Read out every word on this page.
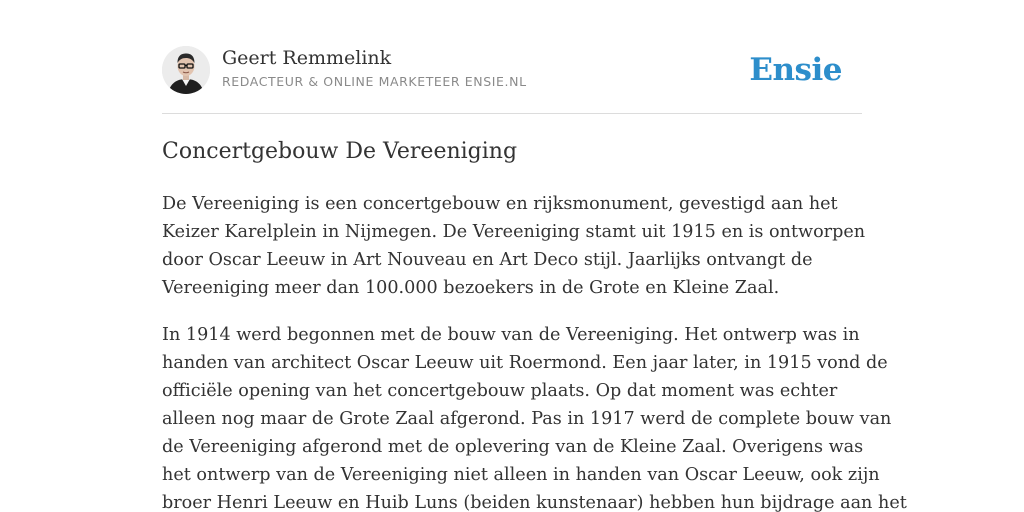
Geert Remmelink
REDACTEUR & ONLINE MARKETEER ENSIE.NL	Ensie
Concertgebouw De Vereeniging

De Vereeniging is een concertgebouw en rijksmonument, gevestigd aan het
Keizer Karelplein in Nijmegen. De Vereeniging stamt uit 1915 en is ontworpen
door Oscar Leeuw in Art Nouveau en Art Deco stijl. Jaarlijks ontvangt de
Vereeniging meer dan 100.000 bezoekers in de Grote en Kleine Zaal.

In 1914 werd begonnen met de bouw van de Vereeniging. Het ontwerp was in
handen van architect Oscar Leeuw uit Roermond. Een jaar later, in 1915 vond de
officiële opening van het concertgebouw plaats. Op dat moment was echter
alleen nog maar de Grote Zaal afgerond. Pas in 1917 werd de complete bouw van
de Vereeniging afgerond met de oplevering van de Kleine Zaal. Overigens was
het ontwerp van de Vereeniging niet alleen in handen van Oscar Leeuw, ook zijn
broer Henri Leeuw en Huib Luns (beiden kunstenaar) hebben hun bijdrage aan het
